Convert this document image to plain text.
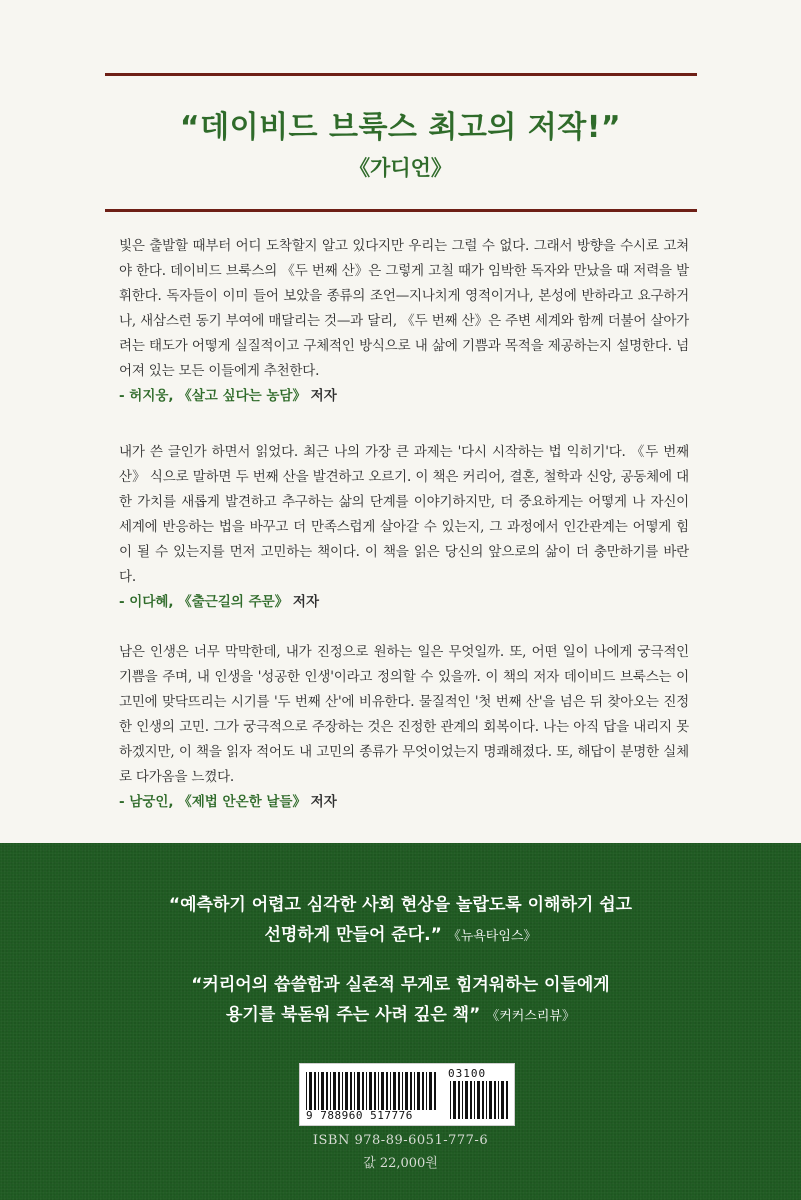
“데이비드 브룩스 최고의 저작!”
《가디언》

빛은 출발할 때부터 어디 도착할지 알고 있다지만 우리는 그럴 수 없다. 그래서 방향을 수시로 고쳐야 한다. 데이비드 브룩스의 《두 번째 산》은 그렇게 고칠 때가 임박한 독자와 만났을 때 저력을 발휘한다. 독자들이 이미 들어 보았을 종류의 조언—지나치게 영적이거나, 본성에 반하라고 요구하거나, 새삼스런 동기 부여에 매달리는 것—과 달리, 《두 번째 산》은 주변 세계와 함께 더불어 살아가려는 태도가 어떻게 실질적이고 구체적인 방식으로 내 삶에 기쁨과 목적을 제공하는지 설명한다. 넘어져 있는 모든 이들에게 추천한다.

- 허지웅, 《살고 싶다는 농담》 저자

내가 쓴 글인가 하면서 읽었다. 최근 나의 가장 큰 과제는 '다시 시작하는 법 익히기'다. 《두 번째 산》 식으로 말하면 두 번째 산을 발견하고 오르기. 이 책은 커리어, 결혼, 철학과 신앙, 공동체에 대한 가치를 새롭게 발견하고 추구하는 삶의 단계를 이야기하지만, 더 중요하게는 어떻게 나 자신이 세계에 반응하는 법을 바꾸고 더 만족스럽게 살아갈 수 있는지, 그 과정에서 인간관계는 어떻게 힘이 될 수 있는지를 먼저 고민하는 책이다. 이 책을 읽은 당신의 앞으로의 삶이 더 충만하기를 바란다.

- 이다혜, 《출근길의 주문》 저자

남은 인생은 너무 막막한데, 내가 진정으로 원하는 일은 무엇일까. 또, 어떤 일이 나에게 궁극적인 기쁨을 주며, 내 인생을 '성공한 인생'이라고 정의할 수 있을까. 이 책의 저자 데이비드 브룩스는 이 고민에 맞닥뜨리는 시기를 '두 번째 산'에 비유한다. 물질적인 '첫 번째 산'을 넘은 뒤 찾아오는 진정한 인생의 고민. 그가 궁극적으로 주장하는 것은 진정한 관계의 회복이다. 나는 아직 답을 내리지 못하겠지만, 이 책을 읽자 적어도 내 고민의 종류가 무엇이었는지 명쾌해졌다. 또, 해답이 분명한 실체로 다가옴을 느꼈다.

- 남궁인, 《제법 안온한 날들》 저자
“예측하기 어렵고 심각한 사회 현상을 놀랍도록 이해하기 쉽고
선명하게 만들어 준다.” 《뉴욕타임스》
“커리어의 씁쓸함과 실존적 무게로 힘겨워하는 이들에게
용기를 북돋워 주는 사려 깊은 책” 《커커스리뷰》
9 788960 517776
03100
ISBN 978-89-6051-777-6
값 22,000원
